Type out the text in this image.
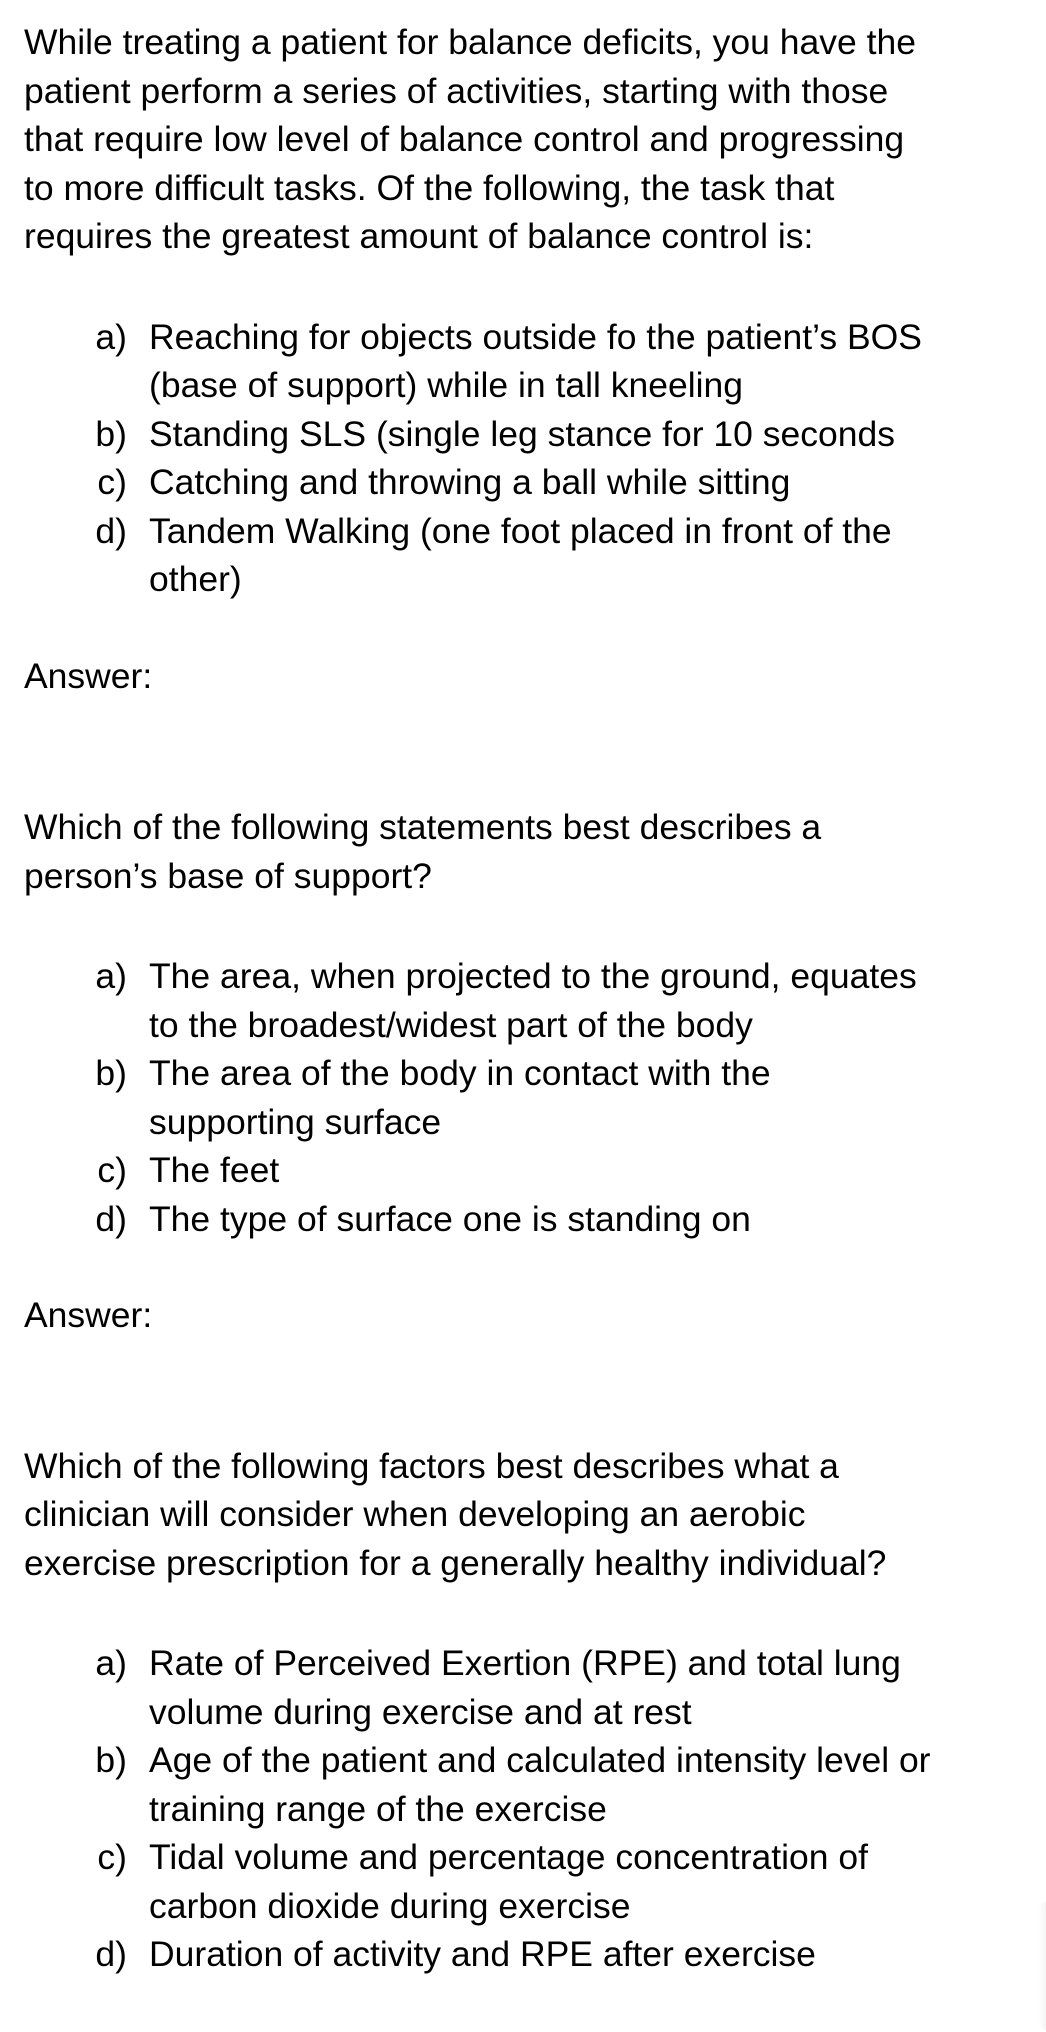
While treating a patient for balance deficits, you have the
patient perform a series of activities, starting with those
that require low level of balance control and progressing
to more difficult tasks. Of the following, the task that
requires the greatest amount of balance control is:

a) Reaching for objects outside fo the patient’s BOS
(base of support) while in tall kneeling
b) Standing SLS (single leg stance for 10 seconds
c) Catching and throwing a ball while sitting
d) Tandem Walking (one foot placed in front of the
other)

Answer:

Which of the following statements best describes a
person’s base of support?

a) The area, when projected to the ground, equates
to the broadest/widest part of the body
b) The area of the body in contact with the
supporting surface
c) The feet
d) The type of surface one is standing on

Answer:

Which of the following factors best describes what a
clinician will consider when developing an aerobic
exercise prescription for a generally healthy individual?

a) Rate of Perceived Exertion (RPE) and total lung
volume during exercise and at rest
b) Age of the patient and calculated intensity level or
training range of the exercise
c) Tidal volume and percentage concentration of
carbon dioxide during exercise
d) Duration of activity and RPE after exercise
